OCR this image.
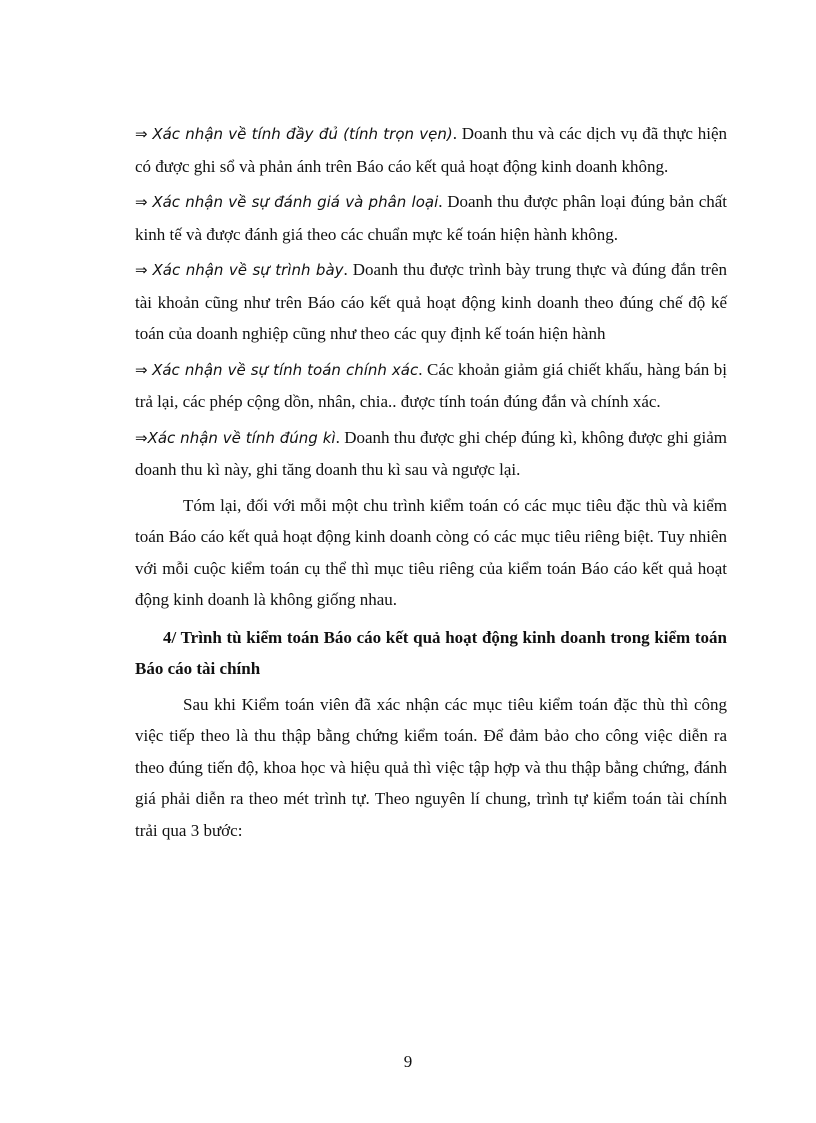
⇒ Xác nhận về tính đầy đủ (tính trọn vẹn). Doanh thu và các dịch vụ đã thực hiện có được ghi sổ và phản ánh trên Báo cáo kết quả hoạt động kinh doanh không.

⇒ Xác nhận về sự đánh giá và phân loại. Doanh thu được phân loại đúng bản chất kinh tế và được đánh giá theo các chuẩn mực kế toán hiện hành không.

⇒ Xác nhận về sự trình bày. Doanh thu được trình bày trung thực và đúng đắn trên tài khoản cũng như trên Báo cáo kết quả hoạt động kinh doanh theo đúng chế độ kế toán của doanh nghiệp cũng như theo các quy định kế toán hiện hành

⇒ Xác nhận về sự tính toán chính xác. Các khoản giảm giá chiết khấu, hàng bán bị trả lại, các phép cộng dồn, nhân, chia.. được tính toán đúng đắn và chính xác.

⇒Xác nhận về tính đúng kì. Doanh thu được ghi chép đúng kì, không được ghi giảm doanh thu kì này, ghi tăng doanh thu kì sau và ngược lại.

Tóm lại, đối với mỗi một chu trình kiểm toán có các mục tiêu đặc thù và kiểm toán Báo cáo kết quả hoạt động kinh doanh còng có các mục tiêu riêng biệt. Tuy nhiên với mỗi cuộc kiểm toán cụ thể thì mục tiêu riêng của kiểm toán Báo cáo kết quả hoạt động kinh doanh là không giống nhau.

4/ Trình tù kiểm toán Báo cáo kết quả hoạt động kinh doanh trong kiểm toán Báo cáo tài chính

Sau khi Kiểm toán viên đã xác nhận các mục tiêu kiểm toán đặc thù thì công việc tiếp theo là thu thập bằng chứng kiểm toán. Để đảm bảo cho công việc diễn ra theo đúng tiến độ, khoa học và hiệu quả thì việc tập hợp và thu thập bằng chứng, đánh giá phải diễn ra theo mét trình tự. Theo nguyên lí chung, trình tự kiểm toán tài chính trải qua 3 bước:

9
